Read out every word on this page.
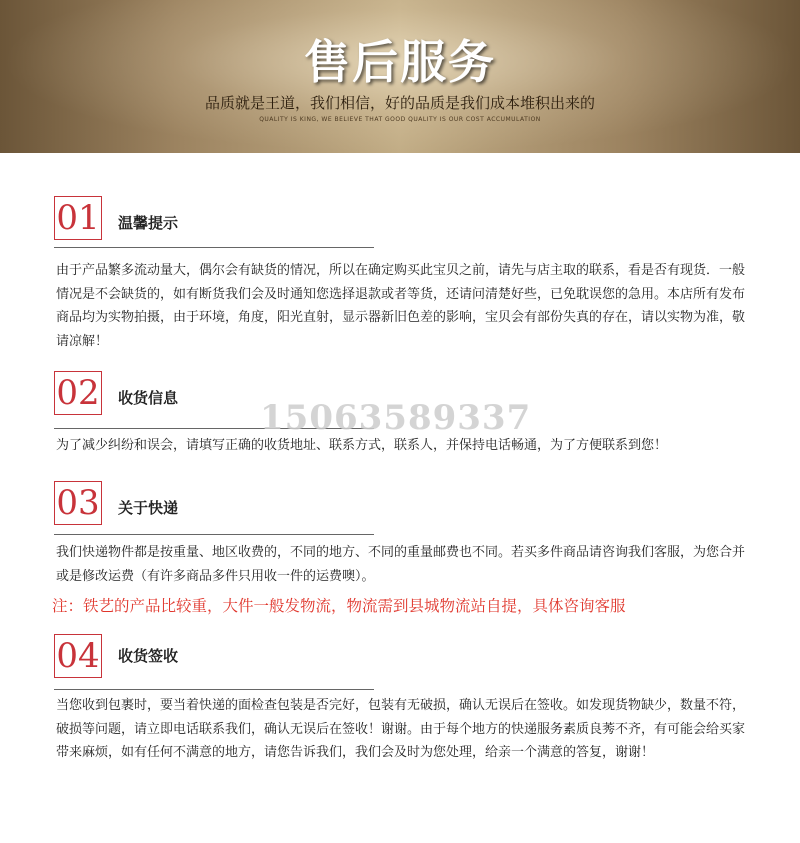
售后服务
品质就是王道，我们相信，好的品质是我们成本堆积出来的
QUALITY IS KING, WE BELIEVE THAT GOOD QUALITY IS OUR COST ACCUMULATION
01 温馨提示

由于产品繁多流动量大，偶尔会有缺货的情况，所以在确定购买此宝贝之前，请先与店主取的联系，看是否有现货．一般情况是不会缺货的，如有断货我们会及时通知您选择退款或者等货，还请问清楚好些，已免耽误您的急用。本店所有发布商品均为实物拍摄，由于环境，角度，阳光直射，显示器新旧色差的影响，宝贝会有部份失真的存在，请以实物为准，敬请凉解！

02 收货信息

为了减少纠纷和误会，请填写正确的收货地址、联系方式，联系人，并保持电话畅通，为了方便联系到您！

15063589337
03 关于快递

我们快递物件都是按重量、地区收费的，不同的地方、不同的重量邮费也不同。若买多件商品请咨询我们客服，为您合并或是修改运费（有许多商品多件只用收一件的运费噢）。

注：铁艺的产品比较重，大件一般发物流，物流需到县城物流站自提，具体咨询客服
04 收货签收

当您收到包裹时，要当着快递的面检查包装是否完好，包装有无破损，确认无误后在签收。如发现货物缺少，数量不符，破损等问题，请立即电话联系我们，确认无误后在签收！谢谢。由于每个地方的快递服务素质良莠不齐，有可能会给买家带来麻烦，如有任何不满意的地方，请您告诉我们，我们会及时为您处理，给亲一个满意的答复，谢谢！
